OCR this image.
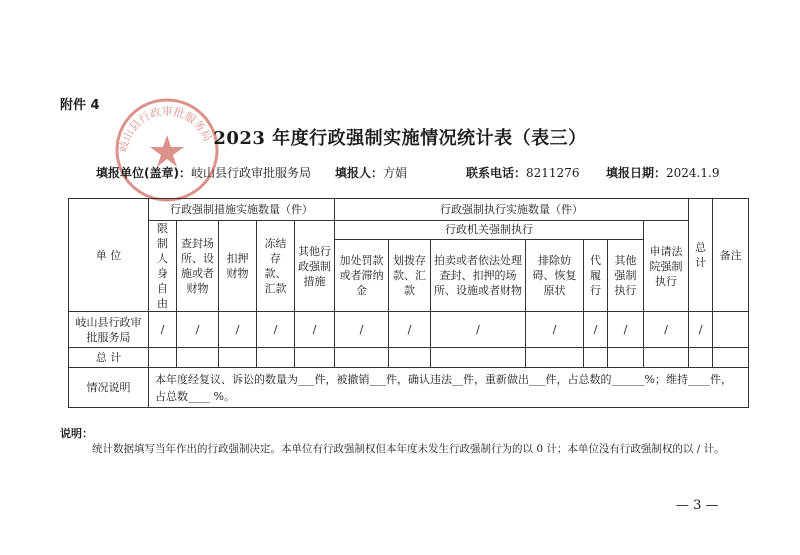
附件 4
岐山县行政审批服务局 2023 年度行政强制实施情况统计表（表三）
填报单位(盖章)：岐山县行政审批服务局 填报人：方娟	联系电话：8211276 填报日期：2024.1.9
单 位	行政强制措施实施数量（件）					行政强制执行实施数量（件）							总计	备注
	限制人身自由	查封场所、设施或者财物	扣押财物	冻结存款、汇款	其他行政强制措施	行政机关强制执行						申请法院强制执行		
						加处罚款或者滞纳金	划拨存款、汇款	拍卖或者依法处理查封、扣押的场所、设施或者财物	排除妨碍、恢复原状	代履行	其他强制执行			
岐山县行政审批服务局	/	/	/	/	/	/	/	/	/	/	/	/	/	
总 计														
情况说明	本年度经复议、诉讼的数量为___件，被撤销___件，确认违法__件，重新做出___件，占总数的______%；维持____件，占总数____ %。													
说明：
统计数据填写当年作出的行政强制决定。本单位有行政强制权但本年度未发生行政强制行为的以 0 计；本单位没有行政强制权的以 / 计。
— 3 —
